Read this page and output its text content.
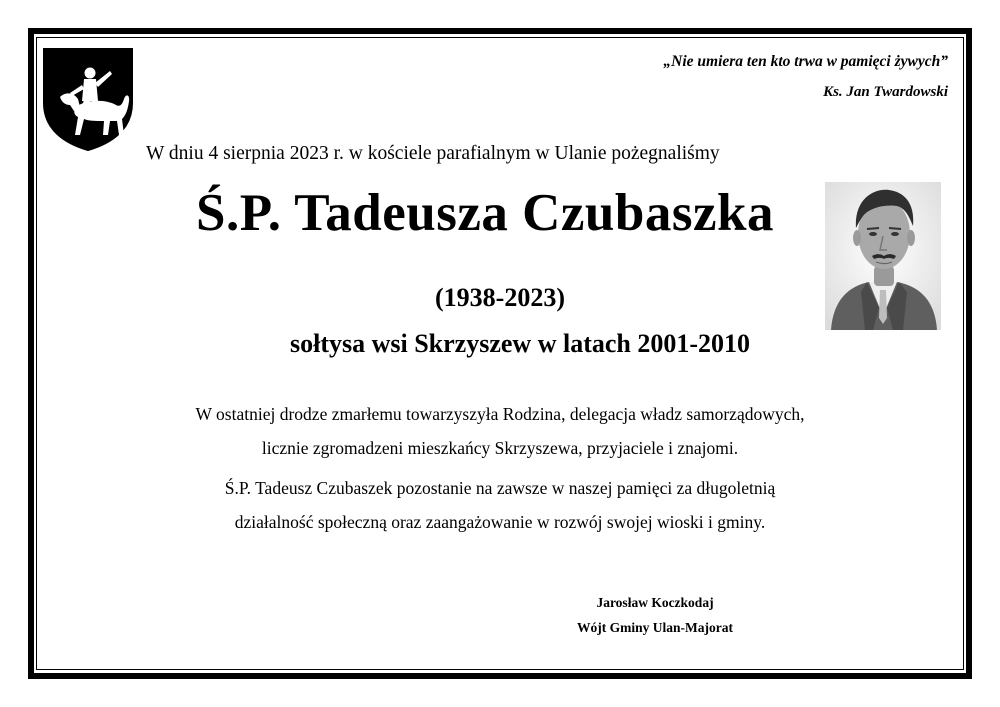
„Nie umiera ten kto trwa w pamięci żywych”
Ks. Jan Twardowski
W dniu 4 sierpnia 2023 r. w kościele parafialnym w Ulanie pożegnaliśmy
Ś.P. Tadeusza Czubaszka
(1938-2023)
sołtysa wsi Skrzyszew w latach 2001-2010

W ostatniej drodze zmarłemu towarzyszyła Rodzina, delegacja władz samorządowych,

licznie zgromadzeni mieszkańcy Skrzyszewa, przyjaciele i znajomi.

Ś.P. Tadeusz Czubaszek pozostanie na zawsze w naszej pamięci za długoletnią

działalność społeczną oraz zaangażowanie w rozwój swojej wioski i gminy.

Jarosław Koczkodaj
Wójt Gminy Ulan-Majorat
